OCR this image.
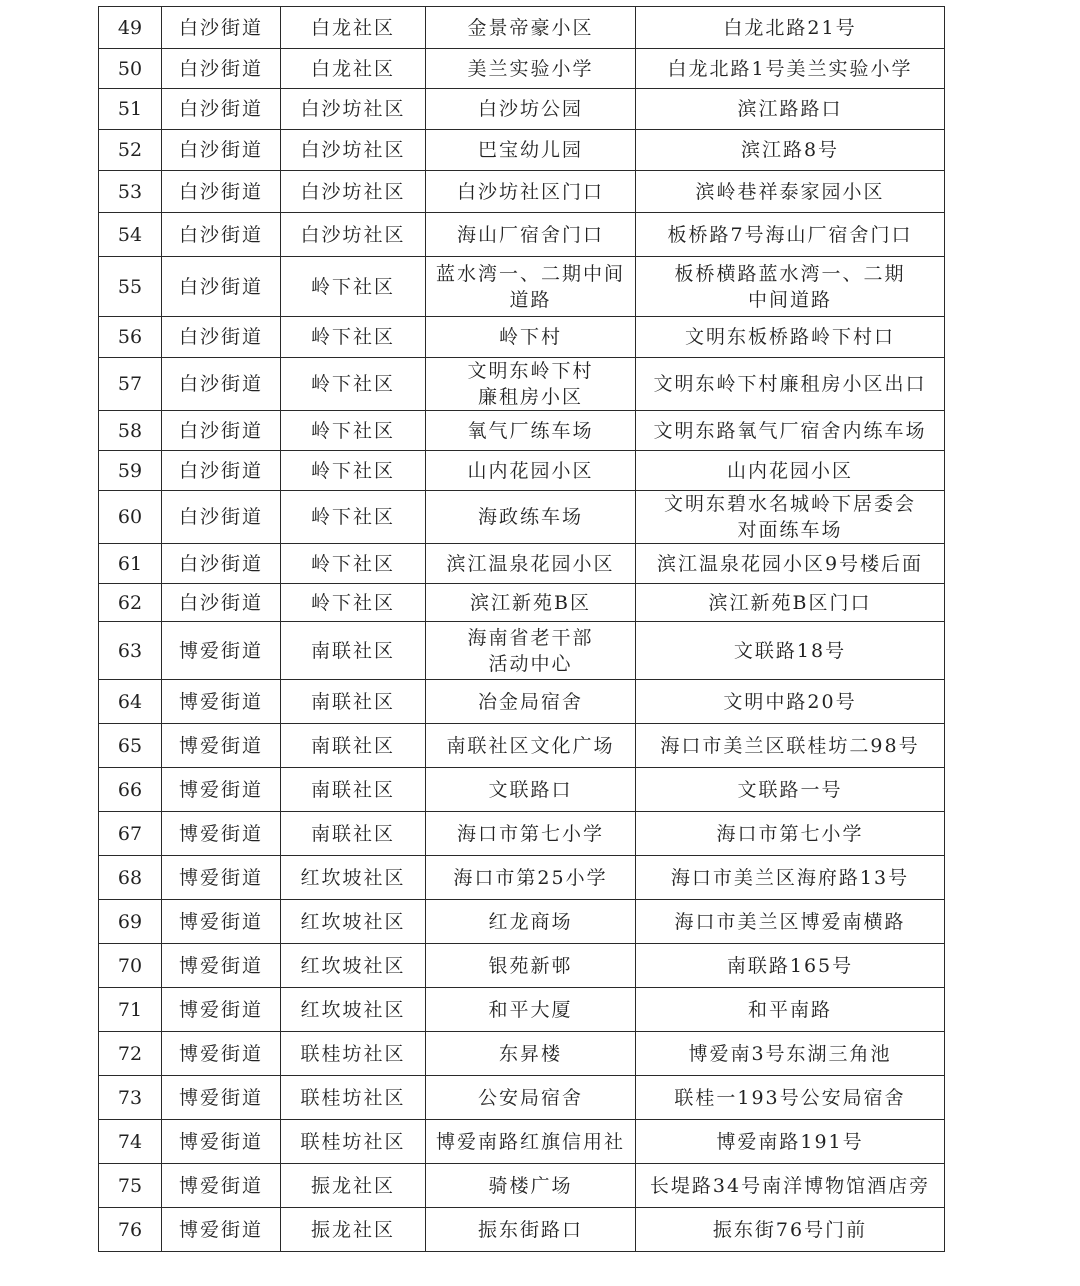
49	白沙街道	白龙社区	金景帝豪小区	白龙北路21号
50	白沙街道	白龙社区	美兰实验小学	白龙北路1号美兰实验小学
51	白沙街道	白沙坊社区	白沙坊公园	滨江路路口
52	白沙街道	白沙坊社区	巴宝幼儿园	滨江路8号
53	白沙街道	白沙坊社区	白沙坊社区门口	滨岭巷祥泰家园小区
54	白沙街道	白沙坊社区	海山厂宿舍门口	板桥路7号海山厂宿舍门口
55	白沙街道	岭下社区	蓝水湾一、二期中间
道路	板桥横路蓝水湾一、二期
中间道路
56	白沙街道	岭下社区	岭下村	文明东板桥路岭下村口
57	白沙街道	岭下社区	文明东岭下村
廉租房小区	文明东岭下村廉租房小区出口
58	白沙街道	岭下社区	氧气厂练车场	文明东路氧气厂宿舍内练车场
59	白沙街道	岭下社区	山内花园小区	山内花园小区
60	白沙街道	岭下社区	海政练车场	文明东碧水名城岭下居委会
对面练车场
61	白沙街道	岭下社区	滨江温泉花园小区	滨江温泉花园小区9号楼后面
62	白沙街道	岭下社区	滨江新苑B区	滨江新苑B区门口
63	博爱街道	南联社区	海南省老干部
活动中心	文联路18号
64	博爱街道	南联社区	冶金局宿舍	文明中路20号
65	博爱街道	南联社区	南联社区文化广场	海口市美兰区联桂坊二98号
66	博爱街道	南联社区	文联路口	文联路一号
67	博爱街道	南联社区	海口市第七小学	海口市第七小学
68	博爱街道	红坎坡社区	海口市第25小学	海口市美兰区海府路13号
69	博爱街道	红坎坡社区	红龙商场	海口市美兰区博爱南横路
70	博爱街道	红坎坡社区	银苑新邨	南联路165号
71	博爱街道	红坎坡社区	和平大厦	和平南路
72	博爱街道	联桂坊社区	东昇楼	博爱南3号东湖三角池
73	博爱街道	联桂坊社区	公安局宿舍	联桂一193号公安局宿舍
74	博爱街道	联桂坊社区	博爱南路红旗信用社	博爱南路191号
75	博爱街道	振龙社区	骑楼广场	长堤路34号南洋博物馆酒店旁
76	博爱街道	振龙社区	振东街路口	振东街76号门前
